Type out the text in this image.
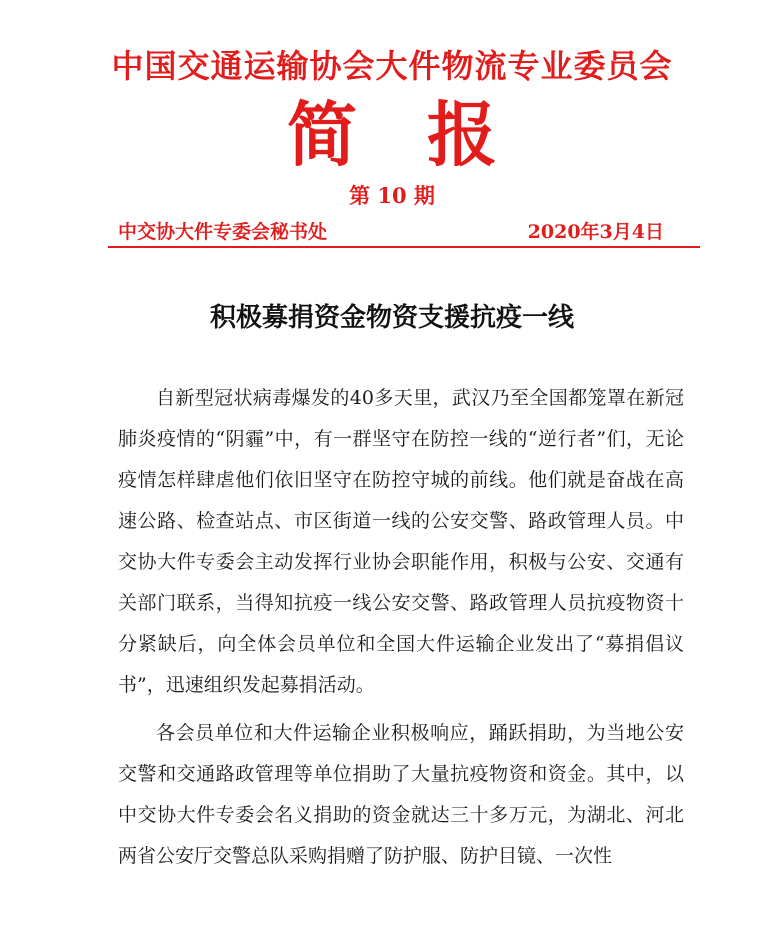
中国交通运输协会大件物流专业委员会
简报
第 10 期
中交协大件专委会秘书处	2020年3月4日
积极募捐资金物资支援抗疫一线

自新型冠状病毒爆发的40多天里，武汉乃至全国都笼罩在新冠肺炎疫情的“阴霾”中，有一群坚守在防控一线的“逆行者”们，无论疫情怎样肆虐他们依旧坚守在防控守城的前线。他们就是奋战在高速公路、检查站点、市区街道一线的公安交警、路政管理人员。中交协大件专委会主动发挥行业协会职能作用，积极与公安、交通有关部门联系，当得知抗疫一线公安交警、路政管理人员抗疫物资十分紧缺后，向全体会员单位和全国大件运输企业发出了“募捐倡议书”，迅速组织发起募捐活动。

各会员单位和大件运输企业积极响应，踊跃捐助，为当地公安交警和交通路政管理等单位捐助了大量抗疫物资和资金。其中，以中交协大件专委会名义捐助的资金就达三十多万元，为湖北、河北两省公安厅交警总队采购捐赠了防护服、防护目镜、一次性
